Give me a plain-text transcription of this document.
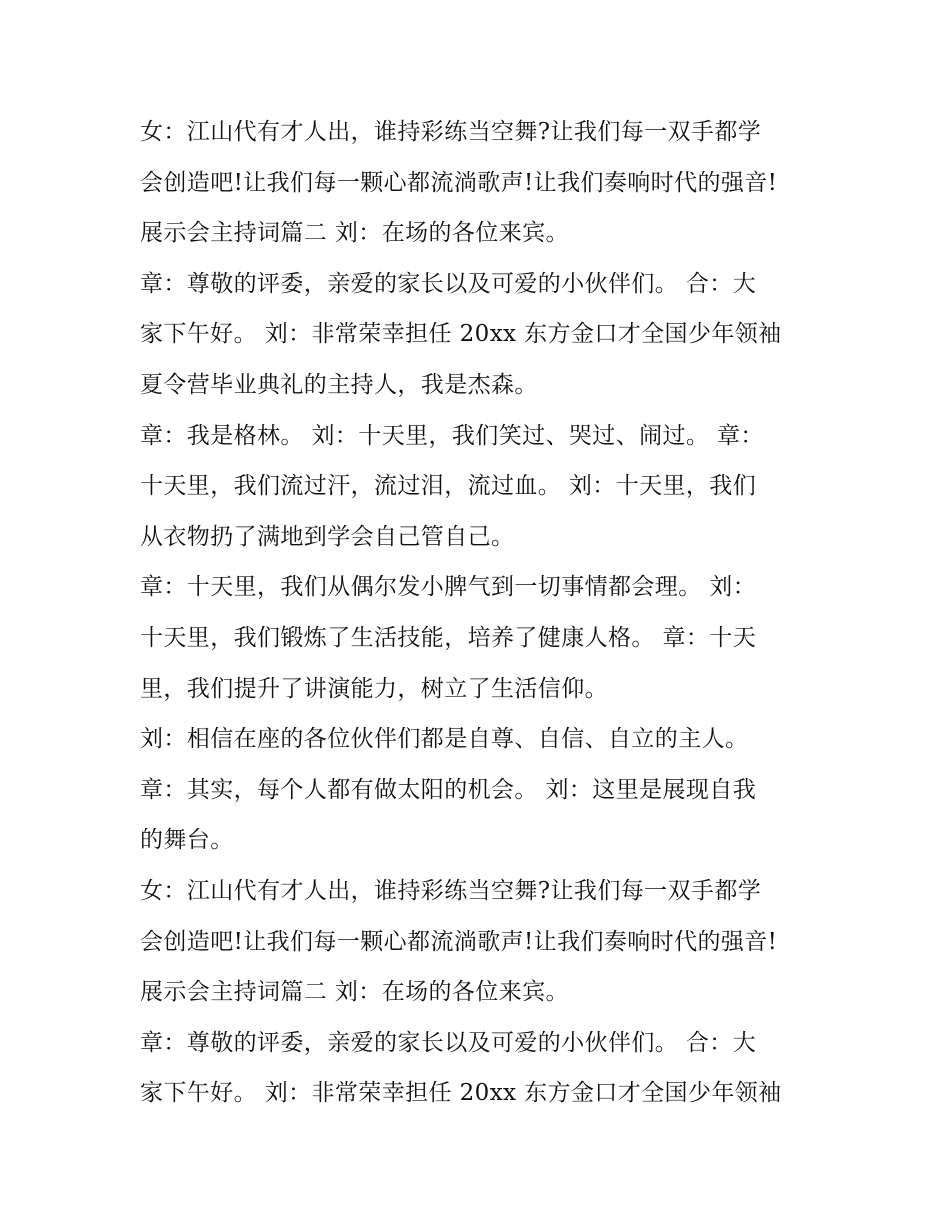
女：江山代有才人出，谁持彩练当空舞?让我们每一双手都学
会创造吧!让我们每一颗心都流淌歌声!让我们奏响时代的强音!
展示会主持词篇二 刘：在场的各位来宾。
章：尊敬的评委，亲爱的家长以及可爱的小伙伴们。 合：大
家下午好。 刘：非常荣幸担任 20xx 东方金口才全国少年领袖
夏令营毕业典礼的主持人，我是杰森。
章：我是格林。 刘：十天里，我们笑过、哭过、闹过。 章：
十天里，我们流过汗，流过泪，流过血。 刘：十天里，我们
从衣物扔了满地到学会自己管自己。
章：十天里，我们从偶尔发小脾气到一切事情都会理。 刘：
十天里，我们锻炼了生活技能，培养了健康人格。 章：十天
里，我们提升了讲演能力，树立了生活信仰。
刘：相信在座的各位伙伴们都是自尊、自信、自立的主人。
章：其实，每个人都有做太阳的机会。 刘：这里是展现自我
的舞台。
女：江山代有才人出，谁持彩练当空舞?让我们每一双手都学
会创造吧!让我们每一颗心都流淌歌声!让我们奏响时代的强音!
展示会主持词篇二 刘：在场的各位来宾。
章：尊敬的评委，亲爱的家长以及可爱的小伙伴们。 合：大
家下午好。 刘：非常荣幸担任 20xx 东方金口才全国少年领袖
